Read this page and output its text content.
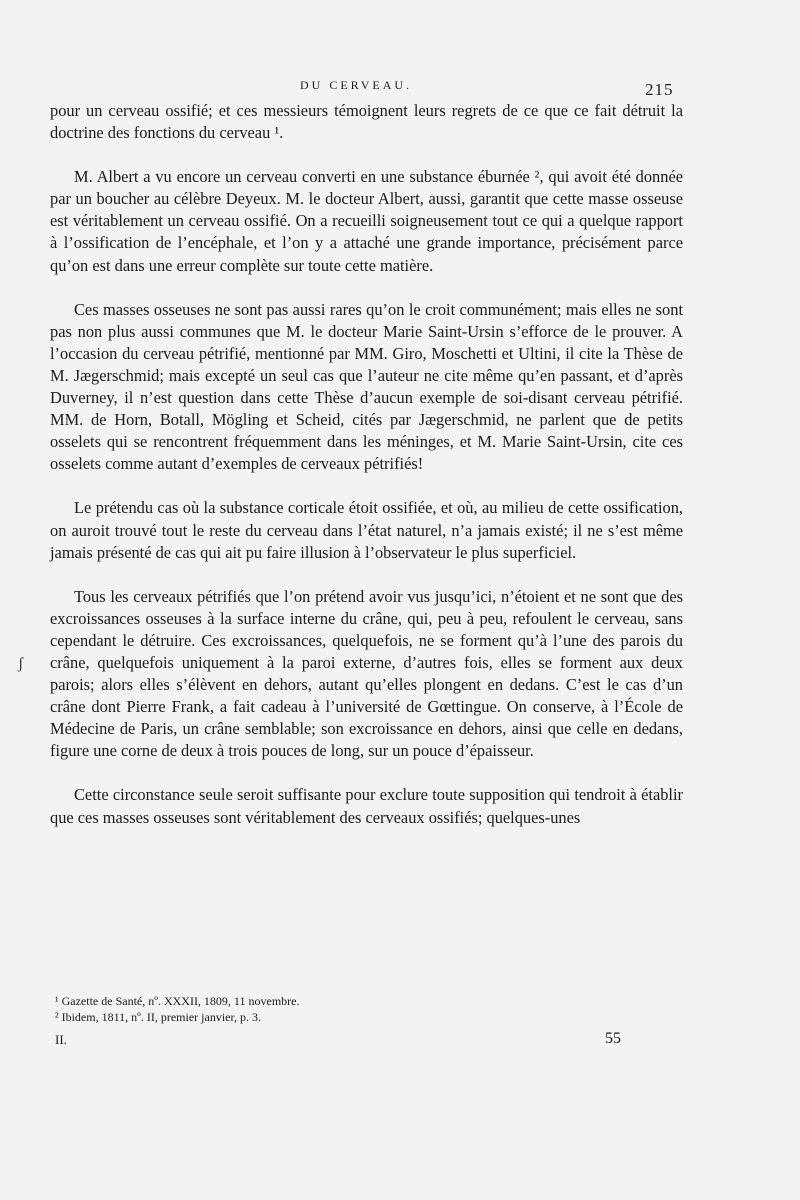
DU CERVEAU.	215
ʃ

pour un cerveau ossifié; et ces messieurs témoignent leurs regrets de ce que ce fait détruit la doctrine des fonctions du cerveau ¹.

M. Albert a vu encore un cerveau converti en une substance éburnée ², qui avoit été donnée par un boucher au célèbre Deyeux. M. le docteur Albert, aussi, garantit que cette masse osseuse est véritablement un cerveau ossifié. On a recueilli soigneusement tout ce qui a quelque rapport à l’ossification de l’encéphale, et l’on y a attaché une grande importance, précisément parce qu’on est dans une erreur complète sur toute cette matière.

Ces masses osseuses ne sont pas aussi rares qu’on le croit communément; mais elles ne sont pas non plus aussi communes que M. le docteur Marie Saint-Ursin s’efforce de le prouver. A l’occasion du cerveau pétrifié, mentionné par MM. Giro, Moschetti et Ultini, il cite la Thèse de M. Jægerschmid; mais excepté un seul cas que l’auteur ne cite même qu’en passant, et d’après Duverney, il n’est question dans cette Thèse d’aucun exemple de soi-disant cerveau pétrifié. MM. de Horn, Botall, Mögling et Scheid, cités par Jægerschmid, ne parlent que de petits osselets qui se rencontrent fréquemment dans les méninges, et M. Marie Saint-Ursin, cite ces osselets comme autant d’exemples de cerveaux pétrifiés!

Le prétendu cas où la substance corticale étoit ossifiée, et où, au milieu de cette ossification, on auroit trouvé tout le reste du cerveau dans l’état naturel, n’a jamais existé; il ne s’est même jamais présenté de cas qui ait pu faire illusion à l’observateur le plus superficiel.

Tous les cerveaux pétrifiés que l’on prétend avoir vus jusqu’ici, n’étoient et ne sont que des excroissances osseuses à la surface interne du crâne, qui, peu à peu, refoulent le cerveau, sans cependant le détruire. Ces excroissances, quelquefois, ne se forment qu’à l’une des parois du crâne, quelquefois uniquement à la paroi externe, d’autres fois, elles se forment aux deux parois; alors elles s’élèvent en dehors, autant qu’elles plongent en dedans. C’est le cas d’un crâne dont Pierre Frank, a fait cadeau à l’université de Gœttingue. On conserve, à l’École de Médecine de Paris, un crâne semblable; son excroissance en dehors, ainsi que celle en dedans, figure une corne de deux à trois pouces de long, sur un pouce d’épaisseur.

Cette circonstance seule seroit suffisante pour exclure toute supposition qui tendroit à établir que ces masses osseuses sont véritablement des cerveaux ossifiés; quelques-unes

¹ Gazette de Santé, nº. XXXII, 1809, 11 novembre.

² Ibidem, 1811, nº. II, premier janvier, p. 3.

II.	55
